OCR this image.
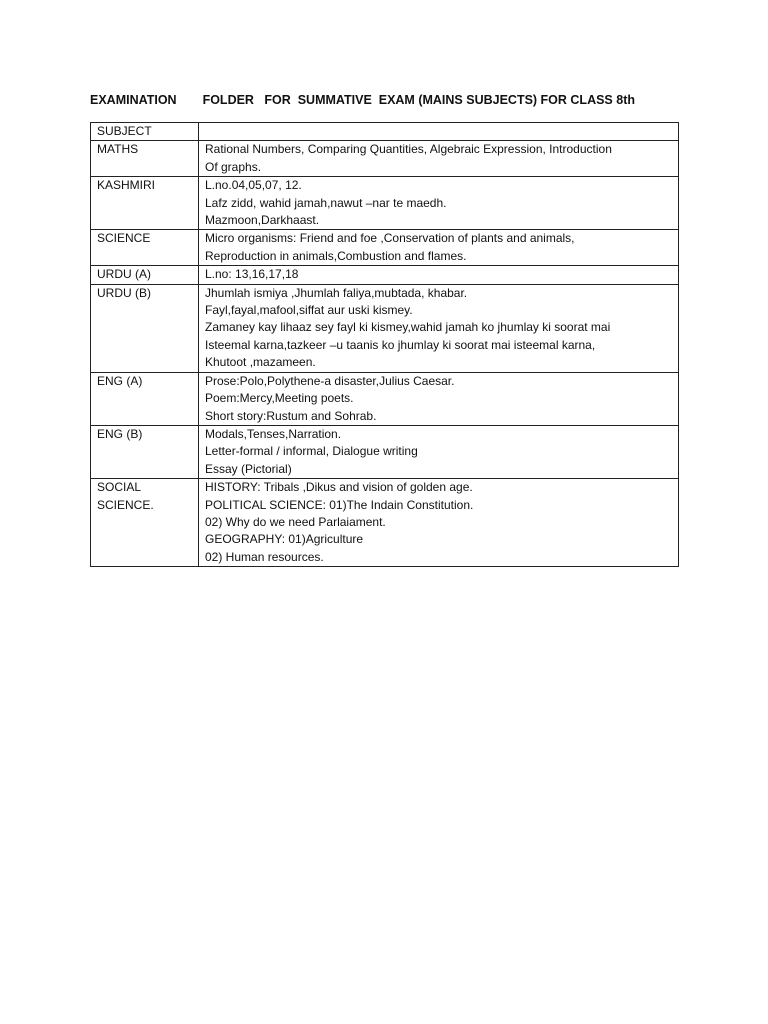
EXAMINATION FOLDER   FOR  SUMMATIVE  EXAM (MAINS SUBJECTS) FOR CLASS 8th

SUBJECT	

MATHS	Rational Numbers, Comparing Quantities, Algebraic Expression, Introduction
Of graphs.

KASHMIRI	L.no.04,05,07, 12.
Lafz zidd, wahid jamah,nawut –nar te maedh.
Mazmoon,Darkhaast.

SCIENCE	Micro organisms: Friend and foe ,Conservation of plants and animals,
Reproduction in animals,Combustion and flames.

URDU (A)	L.no: 13,16,17,18

URDU (B)	Jhumlah ismiya ,Jhumlah faliya,mubtada, khabar.
Fayl,fayal,mafool,siffat aur uski kismey.
Zamaney kay lihaaz sey fayl ki kismey,wahid jamah ko jhumlay ki soorat mai
Isteemal karna,tazkeer –u taanis ko jhumlay ki soorat mai isteemal karna,
Khutoot ,mazameen.

ENG (A)	Prose:Polo,Polythene-a disaster,Julius Caesar.
Poem:Mercy,Meeting poets.
Short story:Rustum and Sohrab.

ENG (B)	Modals,Tenses,Narration.
Letter-formal / informal, Dialogue writing
Essay (Pictorial)

SOCIAL
SCIENCE.	HISTORY: Tribals ,Dikus and vision of golden age.
POLITICAL SCIENCE: 01)The Indain Constitution.
02) Why do we need Parlaiament.
GEOGRAPHY: 01)Agriculture
02) Human resources.
